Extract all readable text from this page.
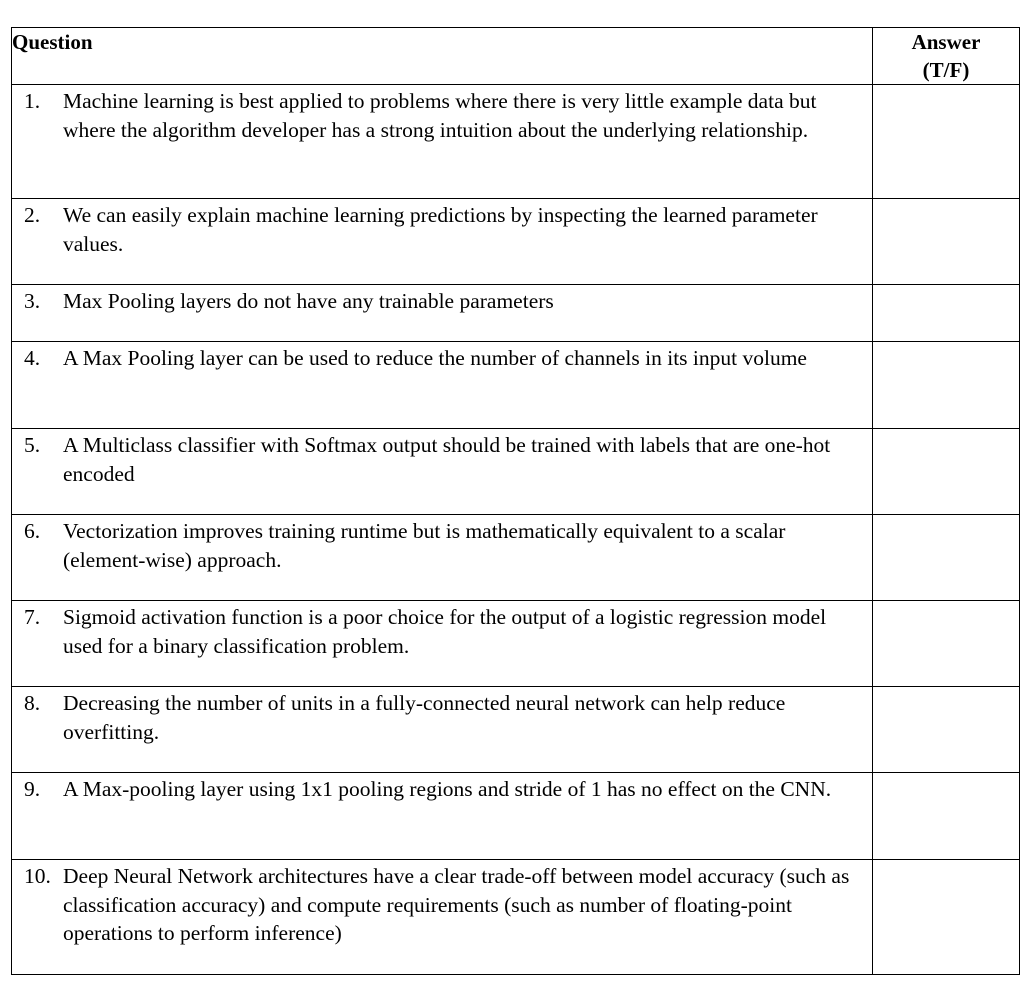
Question	Answer
(T/F)

1. Machine learning is best applied to problems where there is very little example data but where the algorithm developer has a strong intuition about the underlying relationship.	

2. We can easily explain machine learning predictions by inspecting the learned parameter values.	

3. Max Pooling layers do not have any trainable parameters	

4. A Max Pooling layer can be used to reduce the number of channels in its input volume	

5. A Multiclass classifier with Softmax output should be trained with labels that are one-hot encoded	

6. Vectorization improves training runtime but is mathematically equivalent to a scalar (element-wise) approach.	

7. Sigmoid activation function is a poor choice for the output of a logistic regression model used for a binary classification problem.	

8. Decreasing the number of units in a fully-connected neural network can help reduce overfitting.	

9. A Max-pooling layer using 1x1 pooling regions and stride of 1 has no effect on the CNN.	

10. Deep Neural Network architectures have a clear trade-off between model accuracy (such as classification accuracy) and compute requirements (such as number of floating-point operations to perform inference)	
